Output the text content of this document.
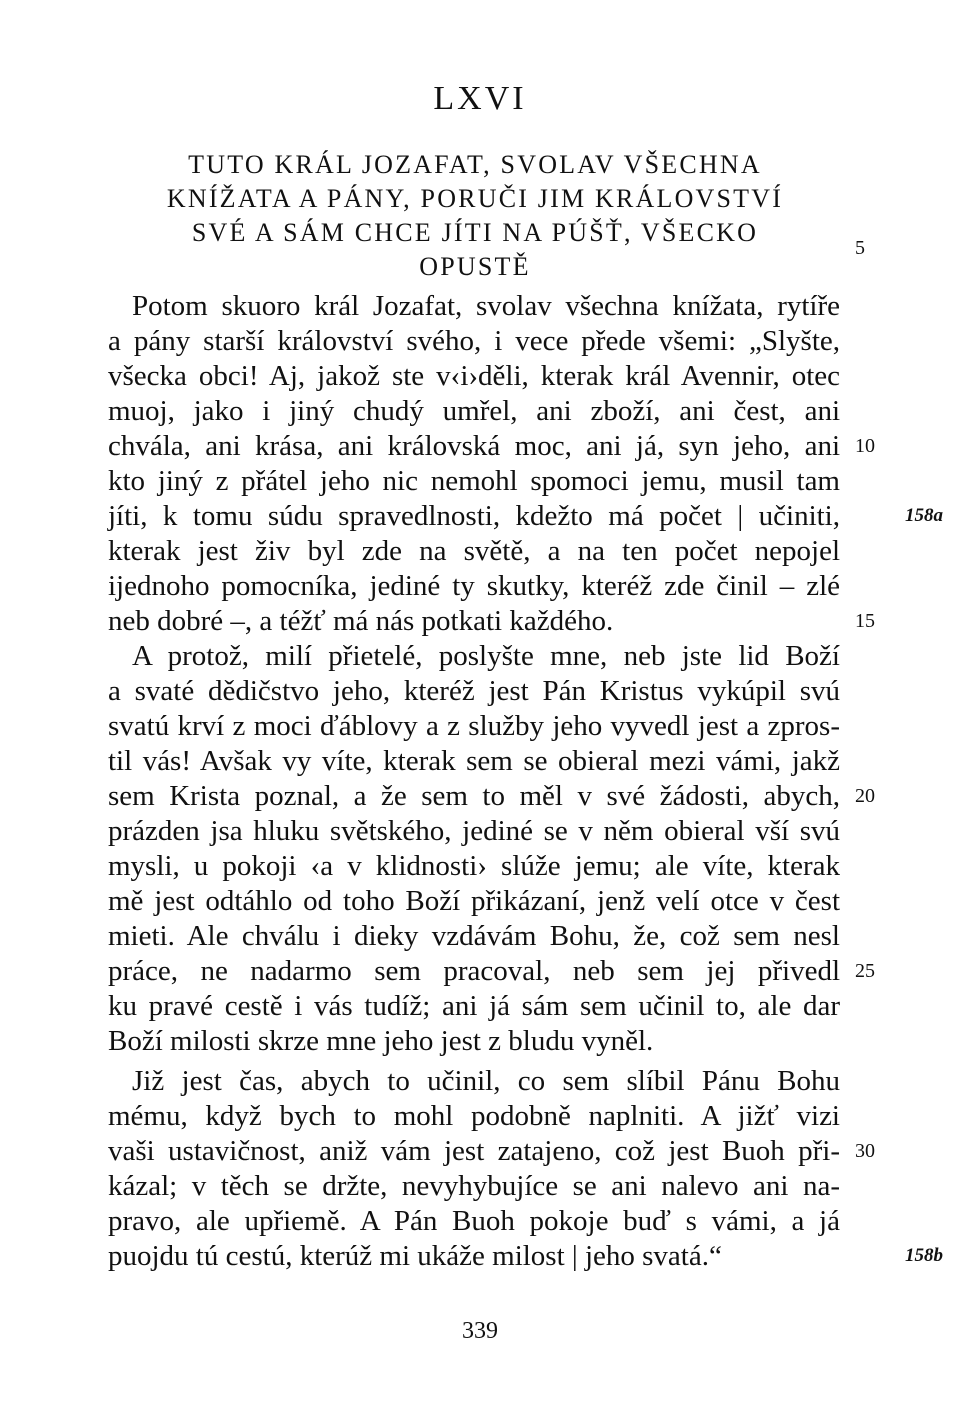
LXVI
TUTO KRÁL JOZAFAT, SVOLAV VŠECHNA
KNÍŽATA A PÁNY, PORUČI JIM KRÁLOVSTVÍ
SVÉ A SÁM CHCE JÍTI NA PÚŠŤ, VŠECKO
OPUSTĚ
5
Potom skuoro král Jozafat, svolav všechna knížata, rytíře
a pány starší království svého, i vece přede všemi: „Slyšte,
všecka obci! Aj, jakož ste v‹i›děli, kterak král Avennir, otec
muoj, jako i jiný chudý umřel, ani zboží, ani čest, ani
chvála, ani krása, ani královská moc, ani já, syn jeho, ani
kto jiný z přátel jeho nic nemohl spomoci jemu, musil tam
jíti, k tomu súdu spravedlnosti, kdežto má počet | učiniti,
kterak jest živ byl zde na světě, a na ten počet nepojel
ijednoho pomocníka, jediné ty skutky, kteréž zde činil – zlé
neb dobré –, a téžť má nás potkati každého.
A protož, milí přietelé, poslyšte mne, neb jste lid Boží
a svaté dědičstvo jeho, kteréž jest Pán Kristus vykúpil svú
svatú krví z moci ďáblovy a z služby jeho vyvedl jest a zpros-
til vás! Avšak vy víte, kterak sem se obieral mezi vámi, jakž
sem Krista poznal, a že sem to měl v své žádosti, abych,
prázden jsa hluku světského, jediné se v něm obieral vší svú
mysli, u pokoji ‹a v klidnosti› slúže jemu; ale víte, kterak
mě jest odtáhlo od toho Boží přikázaní, jenž velí otce v čest
mieti. Ale chválu i dieky vzdávám Bohu, že, což sem nesl
práce, ne nadarmo sem pracoval, neb sem jej přivedl
ku pravé cestě i vás tudíž; ani já sám sem učinil to, ale dar
Boží milosti skrze mne jeho jest z bludu vyněl.
Již jest čas, abych to učinil, co sem slíbil Pánu Bohu
mému, když bych to mohl podobně naplniti. A jižť vizi
vaši ustavičnost, aniž vám jest zatajeno, což jest Buoh při-
kázal; v těch se držte, nevyhybujíce se ani nalevo ani na-
pravo, ale upřiemě. A Pán Buoh pokoje buď s vámi, a já
puojdu tú cestú, kterúž mi ukáže milost | jeho svatá.“
10
15
20
25
30
158a
158b
339
